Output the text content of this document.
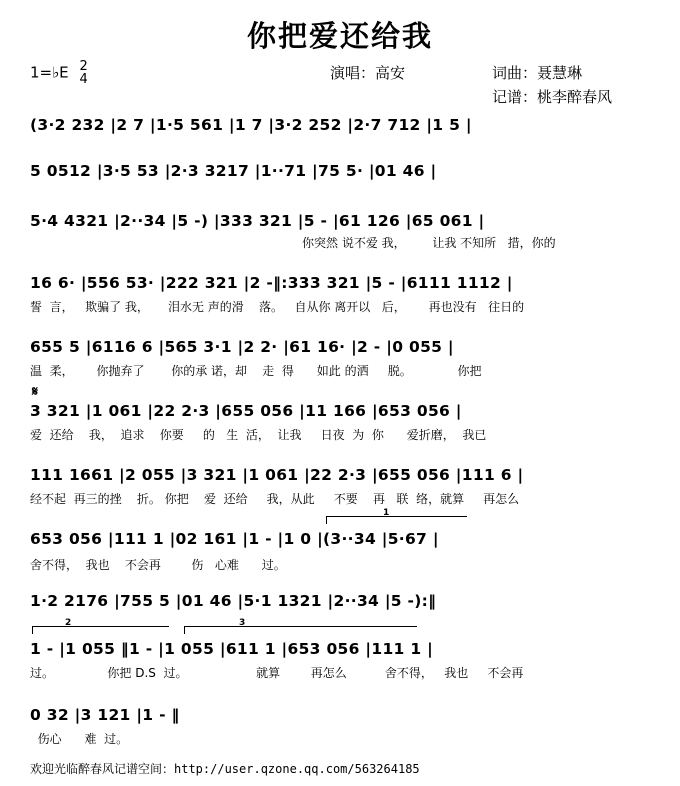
你把爱还给我
1=♭E 2
4	演唱：高安	词曲：聂慧琳
记谱：桃李醉春风
(3·2 232 |2 7 |1·5 561 |1 7 |3·2 252 |2·7 712 |1 5 |
5 0512 |3·5 53 |2·3 3217 |1··71 |75 5· |01 46 |
5·4 4321 |2··34 |5 -) |333 321 |5 - |61 126 |65 061 |
你突然 说不爱 我，       让我 不知所   措，你的
16 6· |556 53· |222 321 |2 -‖:333 321 |5 - |6111 1112 |
誓  言，   欺骗了 我，     泪水无 声的滑    落。   自从你 离开以   后，      再也没有   往日的
655 5 |6116 6 |565 3·1 |2 2· |61 16· |2 - |0 055 |
温  柔，      你抛弃了       你的承 诺，却    走  得      如此 的洒     脱。            你把
𝄋
3 321 |1 061 |22 2·3 |655 056 |11 166 |653 056 |
爱  还给    我，  追求    你要     的   生  活，  让我     日夜  为  你      爱折磨，  我已
111 1661 |2 055 |3 321 |1 061 |22 2·3 |655 056 |111 6 |
经不起  再三的挫    折。 你把    爱  还给     我，从此     不要    再   联  络，就算     再怎么
1
653 056 |111 1 |02 161 |1 - |1 0 |(3··34 |5·67 |
舍不得，  我也    不会再        伤   心难      过。
1·2 2176 |755 5 |01 46 |5·1 1321 |2··34 |5 -):‖
2	3
1 - |1 055 ‖1 - |1 055 |611 1 |653 056 |111 1 |
过。              你把 D.S  过。                  就算        再怎么          舍不得，   我也     不会再
0 32 |3 121 |1 - ‖
伤心      难  过。
欢迎光临醉春风记谱空间：http://user.qzone.qq.com/563264185
